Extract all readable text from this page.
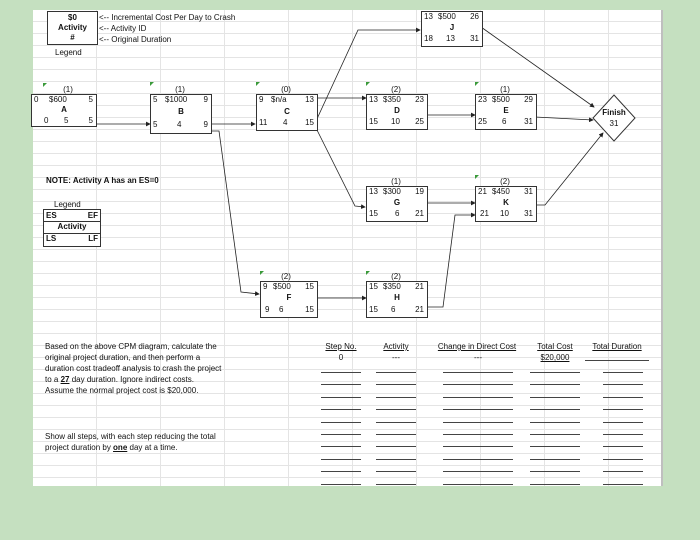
$0
Activity
#
<-- Incremental Cost Per Day to Crash
<-- Activity ID
<-- Original Duration
Legend
(1)
0 $600	5
A
0 5	5
(1)
5 $1000 9
B
5 4	9
(0)
9 $n/a 13
C
11 4 15
(2)
13 $350 23
D
15 10 25
(1)
23 $500 29
E
25 6 31
13 $500 26
J
18 13 31
Finish
31
NOTE: Activity A has an ES=0	(1)
13 $300 19
G
15 6 21
(2)
21 $450 31
K
21 10 31
Legend
ES	EF
Activity
LS	LF
(2)
9 $500 15
F
9 6	15
(2)
15 $350 21
H
15 6 21
Based on the above CPM diagram, calculate the
original project duration, and then perform a
duration cost tradeoff analysis to crash the project
to a 27 day duration. Ignore indirect costs.
Assume the normal project cost is $20,000.
Show all steps, with each step reducing the total
project duration by one day at a time.
Step No.	Activity	Change in Direct Cost	Total Cost	Total Duration
0	---	---	$20,000
